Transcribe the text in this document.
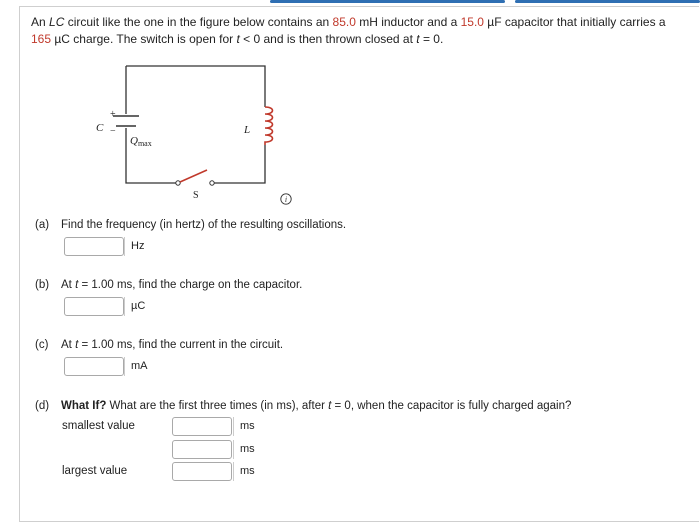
An LC circuit like the one in the figure below contains an 85.0 mH inductor and a 15.0 µF capacitor that initially carries a
165 µC charge. The switch is open for t < 0 and is then thrown closed at t = 0.
C
+
−
Qmax
L
S	i
(a) Find the frequency (in hertz) of the resulting oscillations.
Hz
(b) At t = 1.00 ms, find the charge on the capacitor.
µC
(c) At t = 1.00 ms, find the current in the circuit.
mA
(d) What If? What are the first three times (in ms), after t = 0, when the capacitor is fully charged again?
smallest value	ms
ms
largest value	ms
